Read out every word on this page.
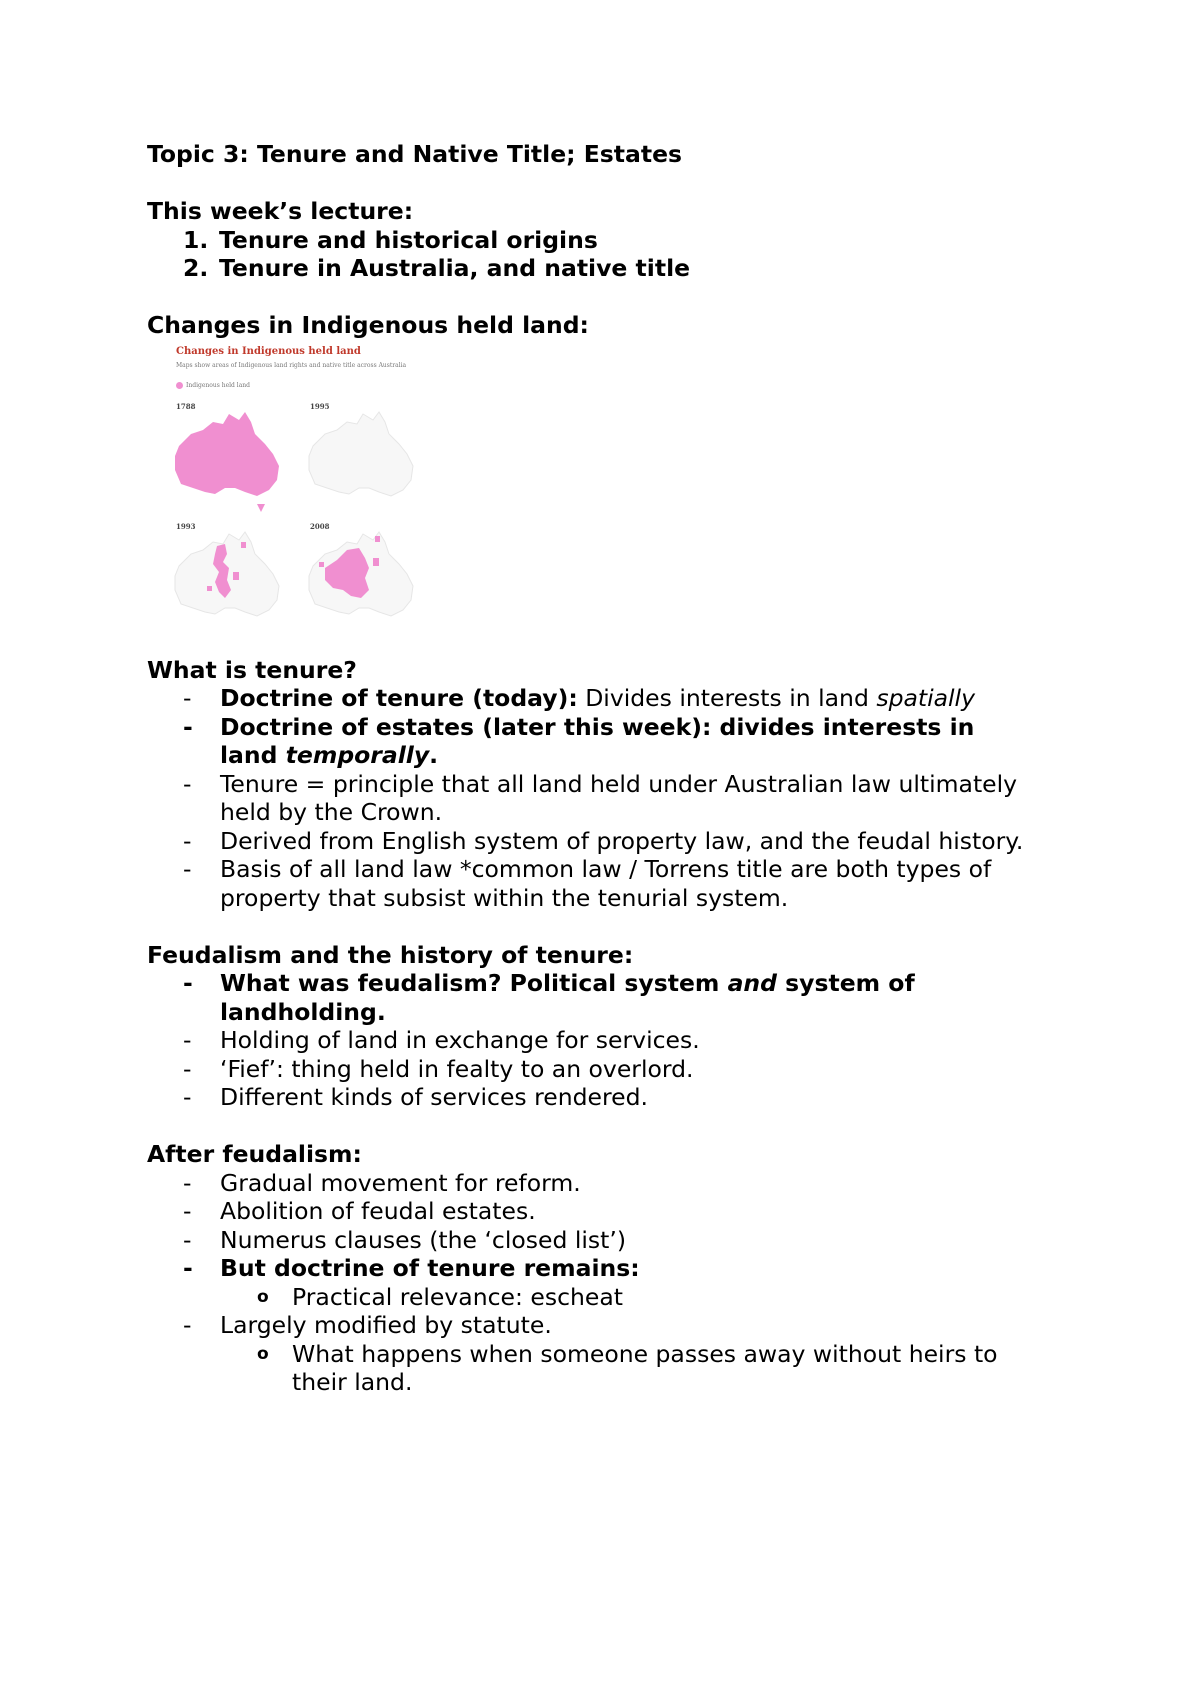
Topic 3: Tenure and Native Title; Estates
This week’s lecture:
1. Tenure and historical origins
2. Tenure in Australia, and native title
Changes in Indigenous held land:
Changes in Indigenous held land
Maps show areas of Indigenous land rights and native title across Australia
Indigenous held land
1788	1995
1993	2008
What is tenure?
- Doctrine of tenure (today): Divides interests in land spatially
- Doctrine of estates (later this week): divides interests in
land temporally.
- Tenure = principle that all land held under Australian law ultimately
held by the Crown.
- Derived from English system of property law, and the feudal history.
- Basis of all land law *common law / Torrens title are both types of
property that subsist within the tenurial system.
Feudalism and the history of tenure:
- What was feudalism? Political system and system of
landholding.
- Holding of land in exchange for services.
- ‘Fief’: thing held in fealty to an overlord.
- Different kinds of services rendered.
After feudalism:
- Gradual movement for reform.
- Abolition of feudal estates.
- Numerus clauses (the ‘closed list’)
- But doctrine of tenure remains:
o Practical relevance: escheat
- Largely modified by statute.
o What happens when someone passes away without heirs to
their land.
